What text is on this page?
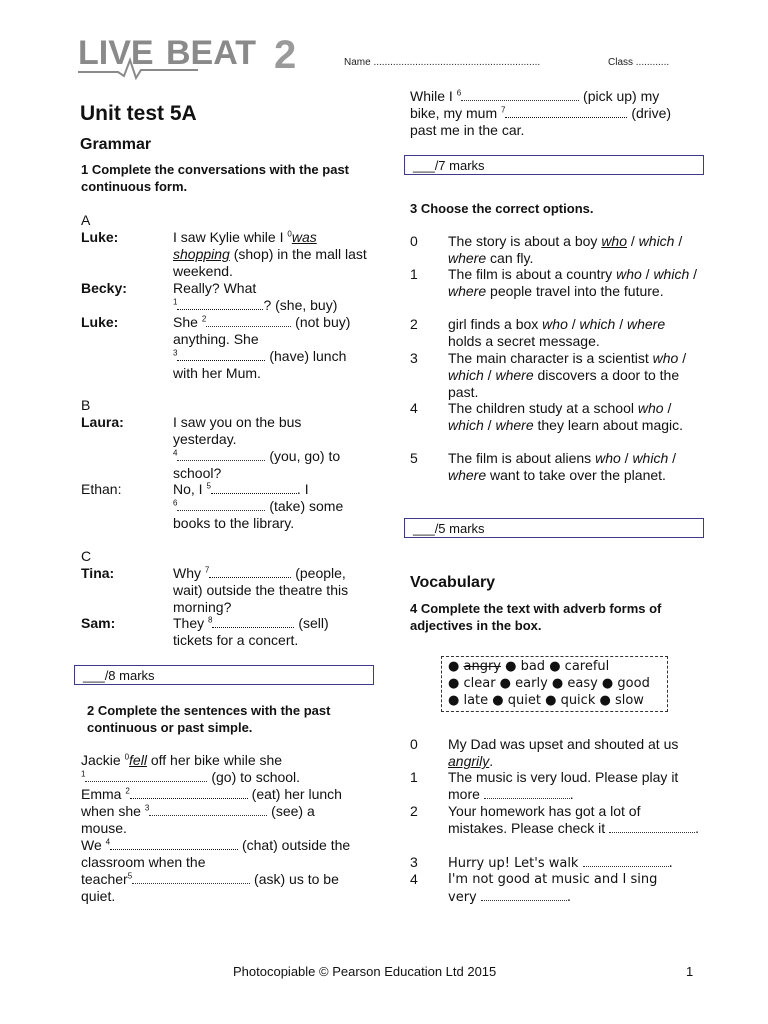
LIVE BEAT 2	Name ............................................................	Class ............
Unit test 5A
Grammar
1 Complete the conversations with the past continuous form.
A
Luke:	I saw Kylie while I $^0$was
shopping (shop) in the mall last weekend.
Becky:	Really? What
$^1$	? (she, buy)
Luke:	She $^2$	(not buy) anything. She
$^3$	(have) lunch with her Mum.
B
Laura:	I saw you on the bus yesterday.
$^4$	(you, go) to school?
Ethan:	No, I $^5$	. I
$^6$	(take) some books to the library.
C
Tina:	Why $^7$	(people, wait) outside the theatre this morning?
Sam:	They $^8$	(sell) tickets for a concert.
___/8 marks
2 Complete the sentences with the past continuous or past simple.
Jackie $^0$fell off her bike while she
$^1$	(go) to school.
Emma $^2$	(eat) her lunch
when she $^3$	(see) a
mouse.
We $^4$	(chat) outside the
classroom when the
teacher$^5$	(ask) us to be
quiet.
While I $^6$	(pick up) my
bike, my mum $^7$	(drive)
past me in the car.
___/7 marks
3 Choose the correct options.
0	The story is about a boy who / which / where can fly.
1	The film is about a country who / which / where people travel into the future.
2	girl finds a box who / which / where holds a secret message.
3	The main character is a scientist who / which / where discovers a door to the past.
4	The children study at a school who / which / where they learn about magic.
5	The film is about aliens who / which / where want to take over the planet.
___/5 marks
Vocabulary
4 Complete the text with adverb forms of adjectives in the box.
● angry ● bad ● careful
● clear ● early ● easy ● good
● late ● quiet ● quick ● slow
0	My Dad was upset and shouted at us angrily.
1	The music is very loud. Please play it more	.
2	Your homework has got a lot of mistakes. Please check it	.
3	Hurry up! Let's walk	.
4	I'm not good at music and I sing very	.
Photocopiable © Pearson Education Ltd 2015	1
